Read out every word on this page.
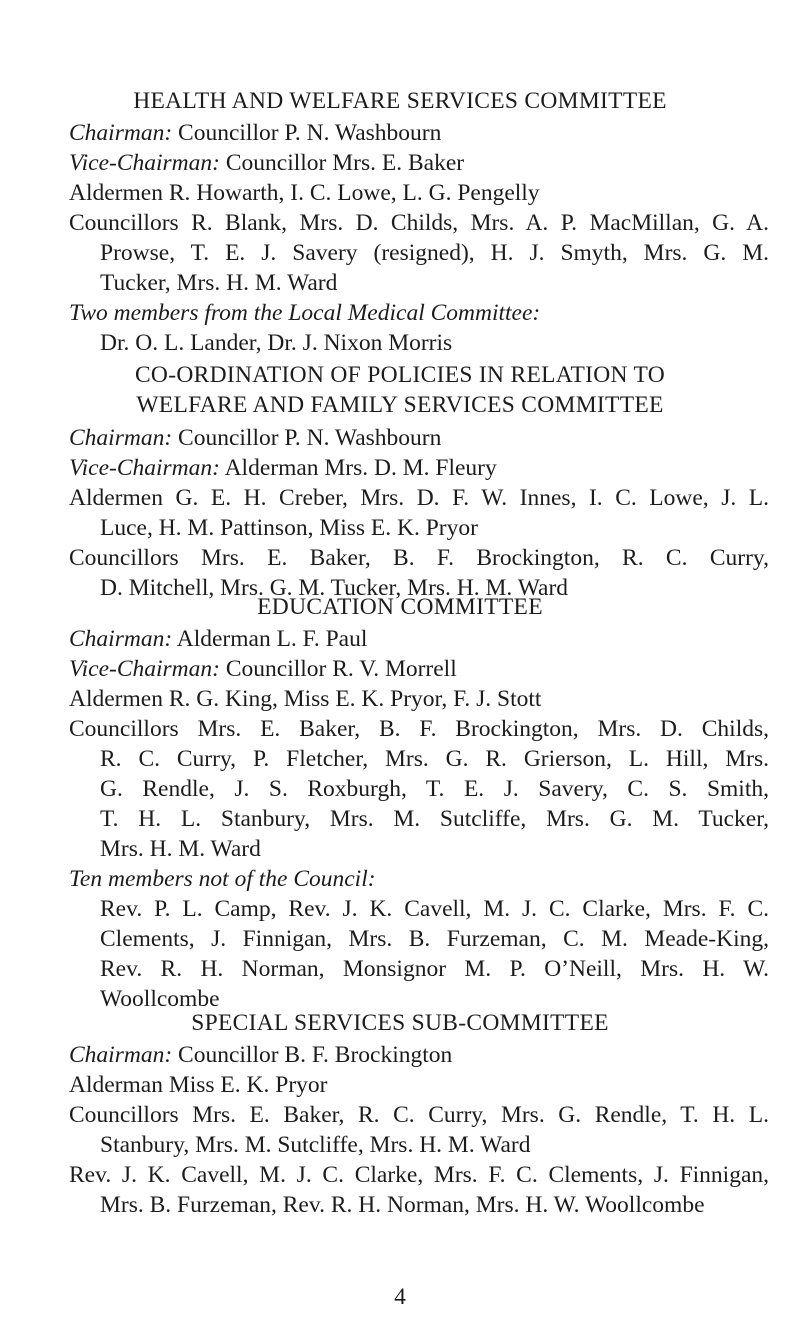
HEALTH AND WELFARE SERVICES COMMITTEE
Chairman: Councillor P. N. Washbourn
Vice-Chairman: Councillor Mrs. E. Baker
Aldermen R. Howarth, I. C. Lowe, L. G. Pengelly
Councillors R. Blank, Mrs. D. Childs, Mrs. A. P. MacMillan, G. A.
Prowse, T. E. J. Savery (resigned), H. J. Smyth, Mrs. G. M.
Tucker, Mrs. H. M. Ward
Two members from the Local Medical Committee:
Dr. O. L. Lander, Dr. J. Nixon Morris
CO-ORDINATION OF POLICIES IN RELATION TO
WELFARE AND FAMILY SERVICES COMMITTEE
Chairman: Councillor P. N. Washbourn
Vice-Chairman: Alderman Mrs. D. M. Fleury
Aldermen G. E. H. Creber, Mrs. D. F. W. Innes, I. C. Lowe, J. L.
Luce, H. M. Pattinson, Miss E. K. Pryor
Councillors Mrs. E. Baker, B. F. Brockington, R. C. Curry,
D. Mitchell, Mrs. G. M. Tucker, Mrs. H. M. Ward
EDUCATION COMMITTEE
Chairman: Alderman L. F. Paul
Vice-Chairman: Councillor R. V. Morrell
Aldermen R. G. King, Miss E. K. Pryor, F. J. Stott
Councillors Mrs. E. Baker, B. F. Brockington, Mrs. D. Childs,
R. C. Curry, P. Fletcher, Mrs. G. R. Grierson, L. Hill, Mrs.
G. Rendle, J. S. Roxburgh, T. E. J. Savery, C. S. Smith,
T. H. L. Stanbury, Mrs. M. Sutcliffe, Mrs. G. M. Tucker,
Mrs. H. M. Ward
Ten members not of the Council:
Rev. P. L. Camp, Rev. J. K. Cavell, M. J. C. Clarke, Mrs. F. C.
Clements, J. Finnigan, Mrs. B. Furzeman, C. M. Meade-King,
Rev. R. H. Norman, Monsignor M. P. O’Neill, Mrs. H. W.
Woollcombe
SPECIAL SERVICES SUB-COMMITTEE
Chairman: Councillor B. F. Brockington
Alderman Miss E. K. Pryor
Councillors Mrs. E. Baker, R. C. Curry, Mrs. G. Rendle, T. H. L.
Stanbury, Mrs. M. Sutcliffe, Mrs. H. M. Ward
Rev. J. K. Cavell, M. J. C. Clarke, Mrs. F. C. Clements, J. Finnigan,
Mrs. B. Furzeman, Rev. R. H. Norman, Mrs. H. W. Woollcombe
4
